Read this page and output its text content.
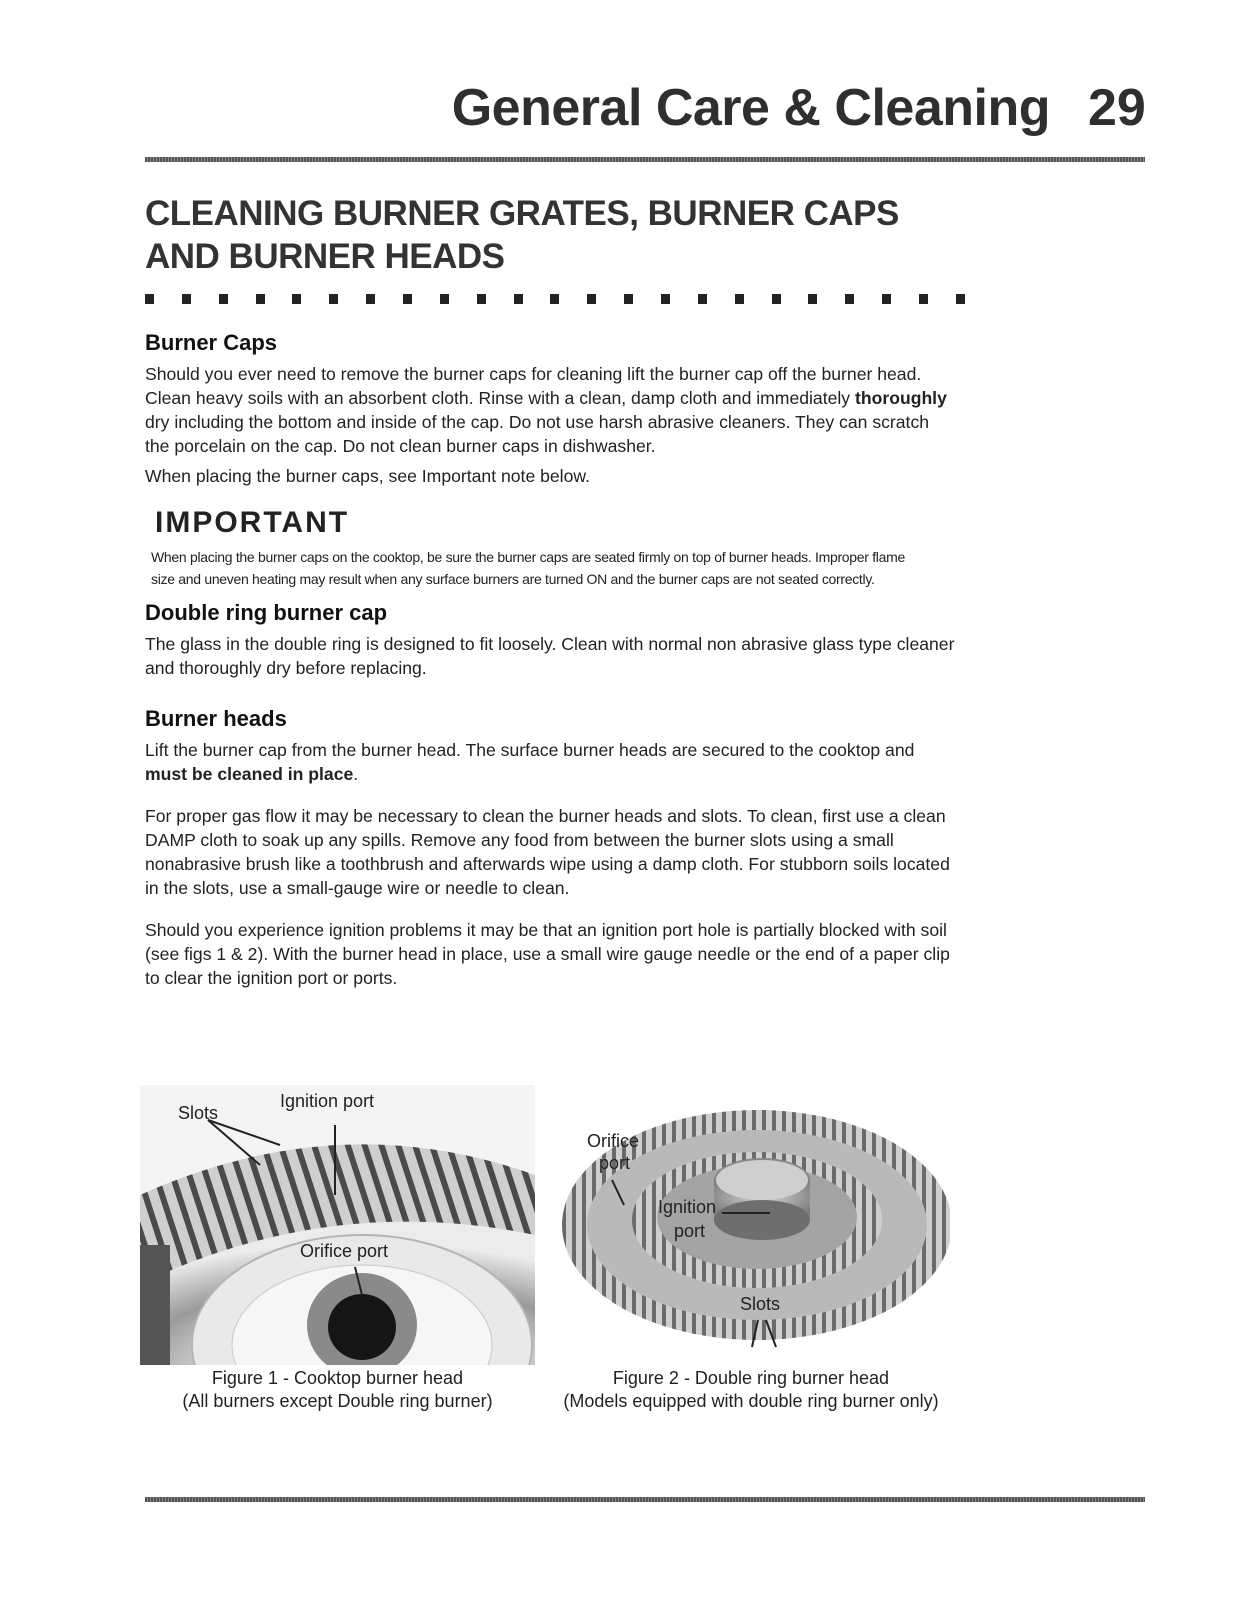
General Care & Cleaning 29
CLEANING BURNER GRATES, BURNER CAPS AND BURNER HEADS
Burner Caps

Should you ever need to remove the burner caps for cleaning lift the burner cap off the burner head. Clean heavy soils with an absorbent cloth. Rinse with a clean, damp cloth and immediately thoroughly dry including the bottom and inside of the cap. Do not use harsh abrasive cleaners. They can scratch the porcelain on the cap. Do not clean burner caps in dishwasher.

When placing the burner caps, see Important note below.

IMPORTANT
When placing the burner caps on the cooktop, be sure the burner caps are seated firmly on top of burner heads. Improper flame size and uneven heating may result when any surface burners are turned ON and the burner caps are not seated correctly.
Double ring burner cap

The glass in the double ring is designed to fit loosely. Clean with normal non abrasive glass type cleaner and thoroughly dry before replacing.

Burner heads

Lift the burner cap from the burner head. The surface burner heads are secured to the cooktop and must be cleaned in place.

For proper gas flow it may be necessary to clean the burner heads and slots. To clean, first use a clean DAMP cloth to soak up any spills. Remove any food from between the burner slots using a small nonabrasive brush like a toothbrush and afterwards wipe using a damp cloth. For stubborn soils located in the slots, use a small-gauge wire or needle to clean.

Should you experience ignition problems it may be that an ignition port hole is partially blocked with soil (see figs 1 & 2). With the burner head in place, use a small wire gauge needle or the end of a paper clip to clear the ignition port or ports.

Slots
Ignition port
Orifice port
Figure 1 - Cooktop burner head
(All burners except Double ring burner)
Orifice
port
Ignition
port
Slots
Figure 2 - Double ring burner head
(Models equipped with double ring burner only)
